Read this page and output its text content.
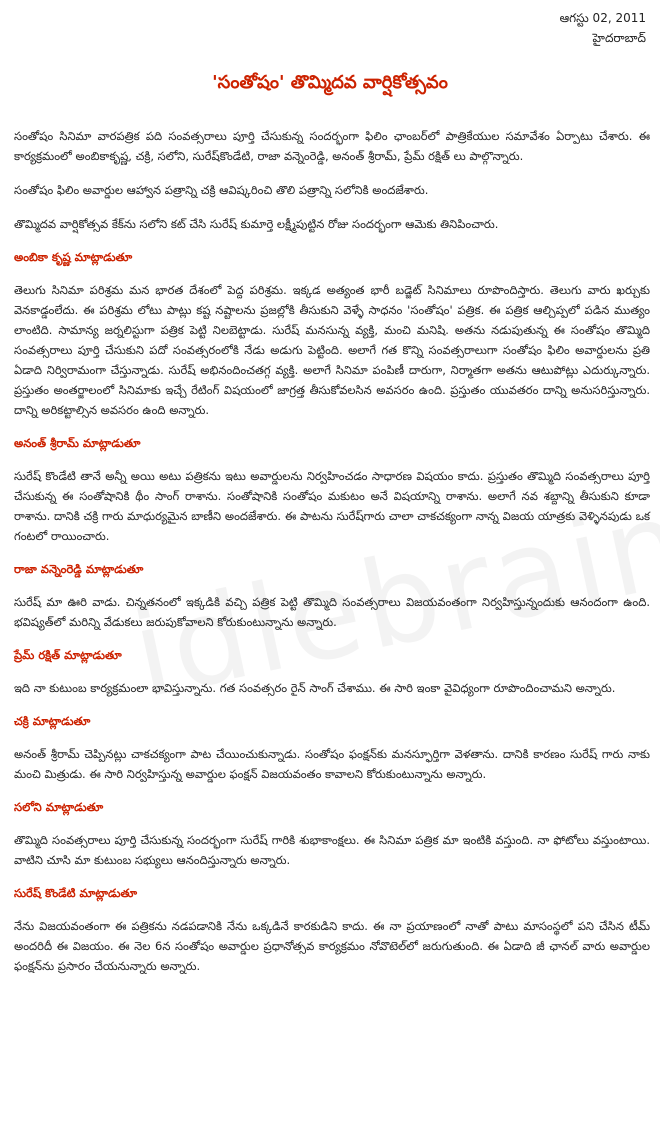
ఆగస్టు 02, 2011
హైదరాబాద్
'సంతోషం' తొమ్మిదవ వార్షికోత్సవం

సంతోషం సినిమా వారపత్రిక పది సంవత్సరాలు పూర్తి చేసుకున్న సందర్భంగా ఫిలిం ఛాంబర్‌లో పాత్రికేయుల సమావేశం ఏర్పాటు చేశారు. ఈ కార్యక్రమంలో అంబికాకృష్ణ, చక్రి, సలోని, సురేష్‌కొండేటి, రాజా వన్నెంరెడ్డి, అనంత్ శ్రీరామ్, ప్రేమ్ రక్షిత్ లు పాల్గొన్నారు.

సంతోషం ఫిలిం అవార్డుల ఆహ్వాన పత్రాన్ని చక్రి ఆవిష్కరించి తొలి పత్రాన్ని సలోనికి అందజేశారు.

తొమ్మిదవ వార్షికోత్సవ కేక్‌ను సలోని కట్ చేసి సురేష్ కుమార్తె లక్ష్మీపుట్టిన రోజు సందర్భంగా ఆమెకు తినిపించారు.

అంబికా కృష్ణ మాట్లాడుతూ

తెలుగు సినిమా పరిశ్రమ మన భారత దేశంలో పెద్ద పరిశ్రమ. ఇక్కడ అత్యంత భారీ బడ్జెట్ సినిమాలు రూపొందిస్తారు. తెలుగు వారు ఖర్చుకు వెనకాడ్డంలేదు. ఈ పరిశ్రమ లోటు పాట్లు కష్ట నష్టాలను ప్రజల్లోకి తీసుకుని వెళ్ళే సాధనం 'సంతోషం' పత్రిక. ఈ పత్రిక ఆల్చిప్పలో పడిన ముత్యం లాంటిది. సామాన్య జర్నలిస్టుగా పత్రిక పెట్టి నిలబెట్టాడు. సురేష్ మనసున్న వ్యక్తి, మంచి మనిషి. అతను నడుపుతున్న ఈ సంతోషం తొమ్మిది సంవత్సరాలు పూర్తి చేసుకుని పదో సంవత్సరంలోకి నేడు అడుగు పెట్టింది. అలాగే గత కొన్ని సంవత్సరాలుగా సంతోషం ఫిలిం అవార్డులను ప్రతి ఏడాది నిర్విరామంగా చేస్తున్నాడు. సురేష్ అభినందించతగ్గ వ్యక్తి. అలాగే సినిమా పంపిణీ దారుగా, నిర్మాతగా అతను ఆటుపోట్లు ఎదుర్కున్నారు. ప్రస్తుతం అంతర్జాలంలో సినిమాకు ఇచ్చే రేటింగ్ విషయంలో జాగ్రత్త తీసుకోవలసిన అవసరం ఉంది. ప్రస్తుతం యువతరం దాన్ని అనుసరిస్తున్నారు. దాన్ని అరికట్టాల్సిన అవసరం ఉంది అన్నారు.

అనంత్ శ్రీరామ్ మాట్లాడుతూ

సురేష్ కొండేటి తానే అన్నీ అయి అటు పత్రికను ఇటు అవార్డులను నిర్వహించడం సాధారణ విషయం కాదు. ప్రస్తుతం తొమ్మిది సంవత్సరాలు పూర్తి చేసుకున్న ఈ సంతోషానికి థీం సాంగ్ రాశాను. సంతోషానికి సంతోషం మకుటం అనే విషయాన్ని రాశాను. అలాగే నవ శబ్దాన్ని తీసుకుని కూడా రాశాను. దానికి చక్రి గారు మాధుర్యమైన బాణీని అందజేశారు. ఈ పాటను సురేష్‌గారు చాలా చాకచక్యంగా నాన్న విజయ యాత్రకు వెళ్ళినపుడు ఒక గంటలో రాయించారు.

రాజా వన్నెంరెడ్డి మాట్లాడుతూ

సురేష్ మా ఊరి వాడు. చిన్నతనంలో ఇక్కడికి వచ్చి పత్రిక పెట్టి తొమ్మిది సంవత్సరాలు విజయవంతంగా నిర్వహిస్తున్నందుకు ఆనందంగా ఉంది. భవిష్యత్‌లో మరిన్ని వేడుకలు జరుపుకోవాలని కోరుకుంటున్నాను అన్నారు.

ప్రేమ్ రక్షిత్ మాట్లాడుతూ

ఇది నా కుటుంబ కార్యక్రమంలా భావిస్తున్నాను. గత సంవత్సరం రైన్ సాంగ్ చేశాము. ఈ సారి ఇంకా వైవిధ్యంగా రూపొందించామని అన్నారు.

చక్రి మాట్లాడుతూ

అనంత్ శ్రీరామ్ చెప్పినట్లు చాకచక్యంగా పాట చేయించుకున్నాడు. సంతోషం ఫంక్షన్‌కు మనస్ఫూర్తిగా వెళతాను. దానికి కారణం సురేష్ గారు నాకు మంచి మిత్రుడు. ఈ సారి నిర్వహిస్తున్న అవార్డుల ఫంక్షన్ విజయవంతం కావాలని కోరుకుంటున్నాను అన్నారు.

సలోని మాట్లాడుతూ

తొమ్మిది సంవత్సరాలు పూర్తి చేసుకున్న సందర్భంగా సురేష్ గారికి శుభాకాంక్షలు. ఈ సినిమా పత్రిక మా ఇంటికి వస్తుంది. నా ఫోటోలు వస్తుంటాయి. వాటిని చూసి మా కుటుంబ సభ్యులు ఆనందిస్తున్నారు అన్నారు.

సురేష్ కొండేటి మాట్లాడుతూ

నేను విజయవంతంగా ఈ పత్రికను నడపడానికి నేను ఒక్కడినే కారకుడిని కాదు. ఈ నా ప్రయాణంలో నాతో పాటు మాసంస్థలో పని చేసిన టీమ్ అందరిదీ ఈ విజయం. ఈ నెల 6న సంతోషం అవార్డుల ప్రధానోత్సవ కార్యక్రమం నోవొటెల్‌లో జరుగుతుంది. ఈ ఏడాది జీ ఛానల్ వారు అవార్డుల ఫంక్షన్‌ను ప్రసారం చేయనున్నారు అన్నారు.
